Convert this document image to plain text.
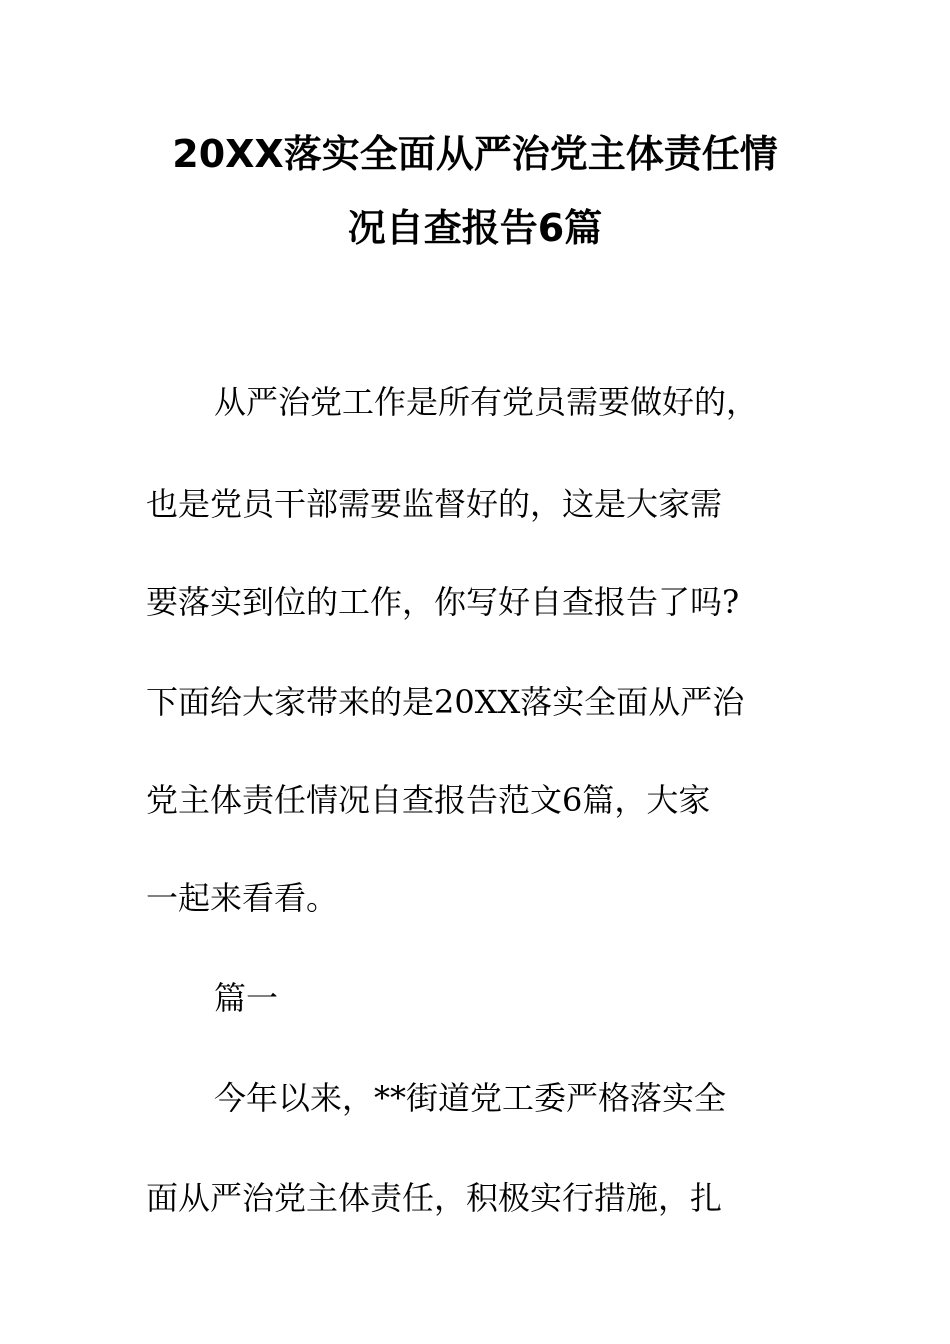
20XX落实全面从严治党主体责任情
况自查报告6篇
从严治党工作是所有党员需要做好的，
也是党员干部需要监督好的，这是大家需
要落实到位的工作，你写好自查报告了吗?
下面给大家带来的是20XX落实全面从严治
党主体责任情况自查报告范文6篇，大家
一起来看看。
篇一
今年以来，**街道党工委严格落实全
面从严治党主体责任，积极实行措施，扎
